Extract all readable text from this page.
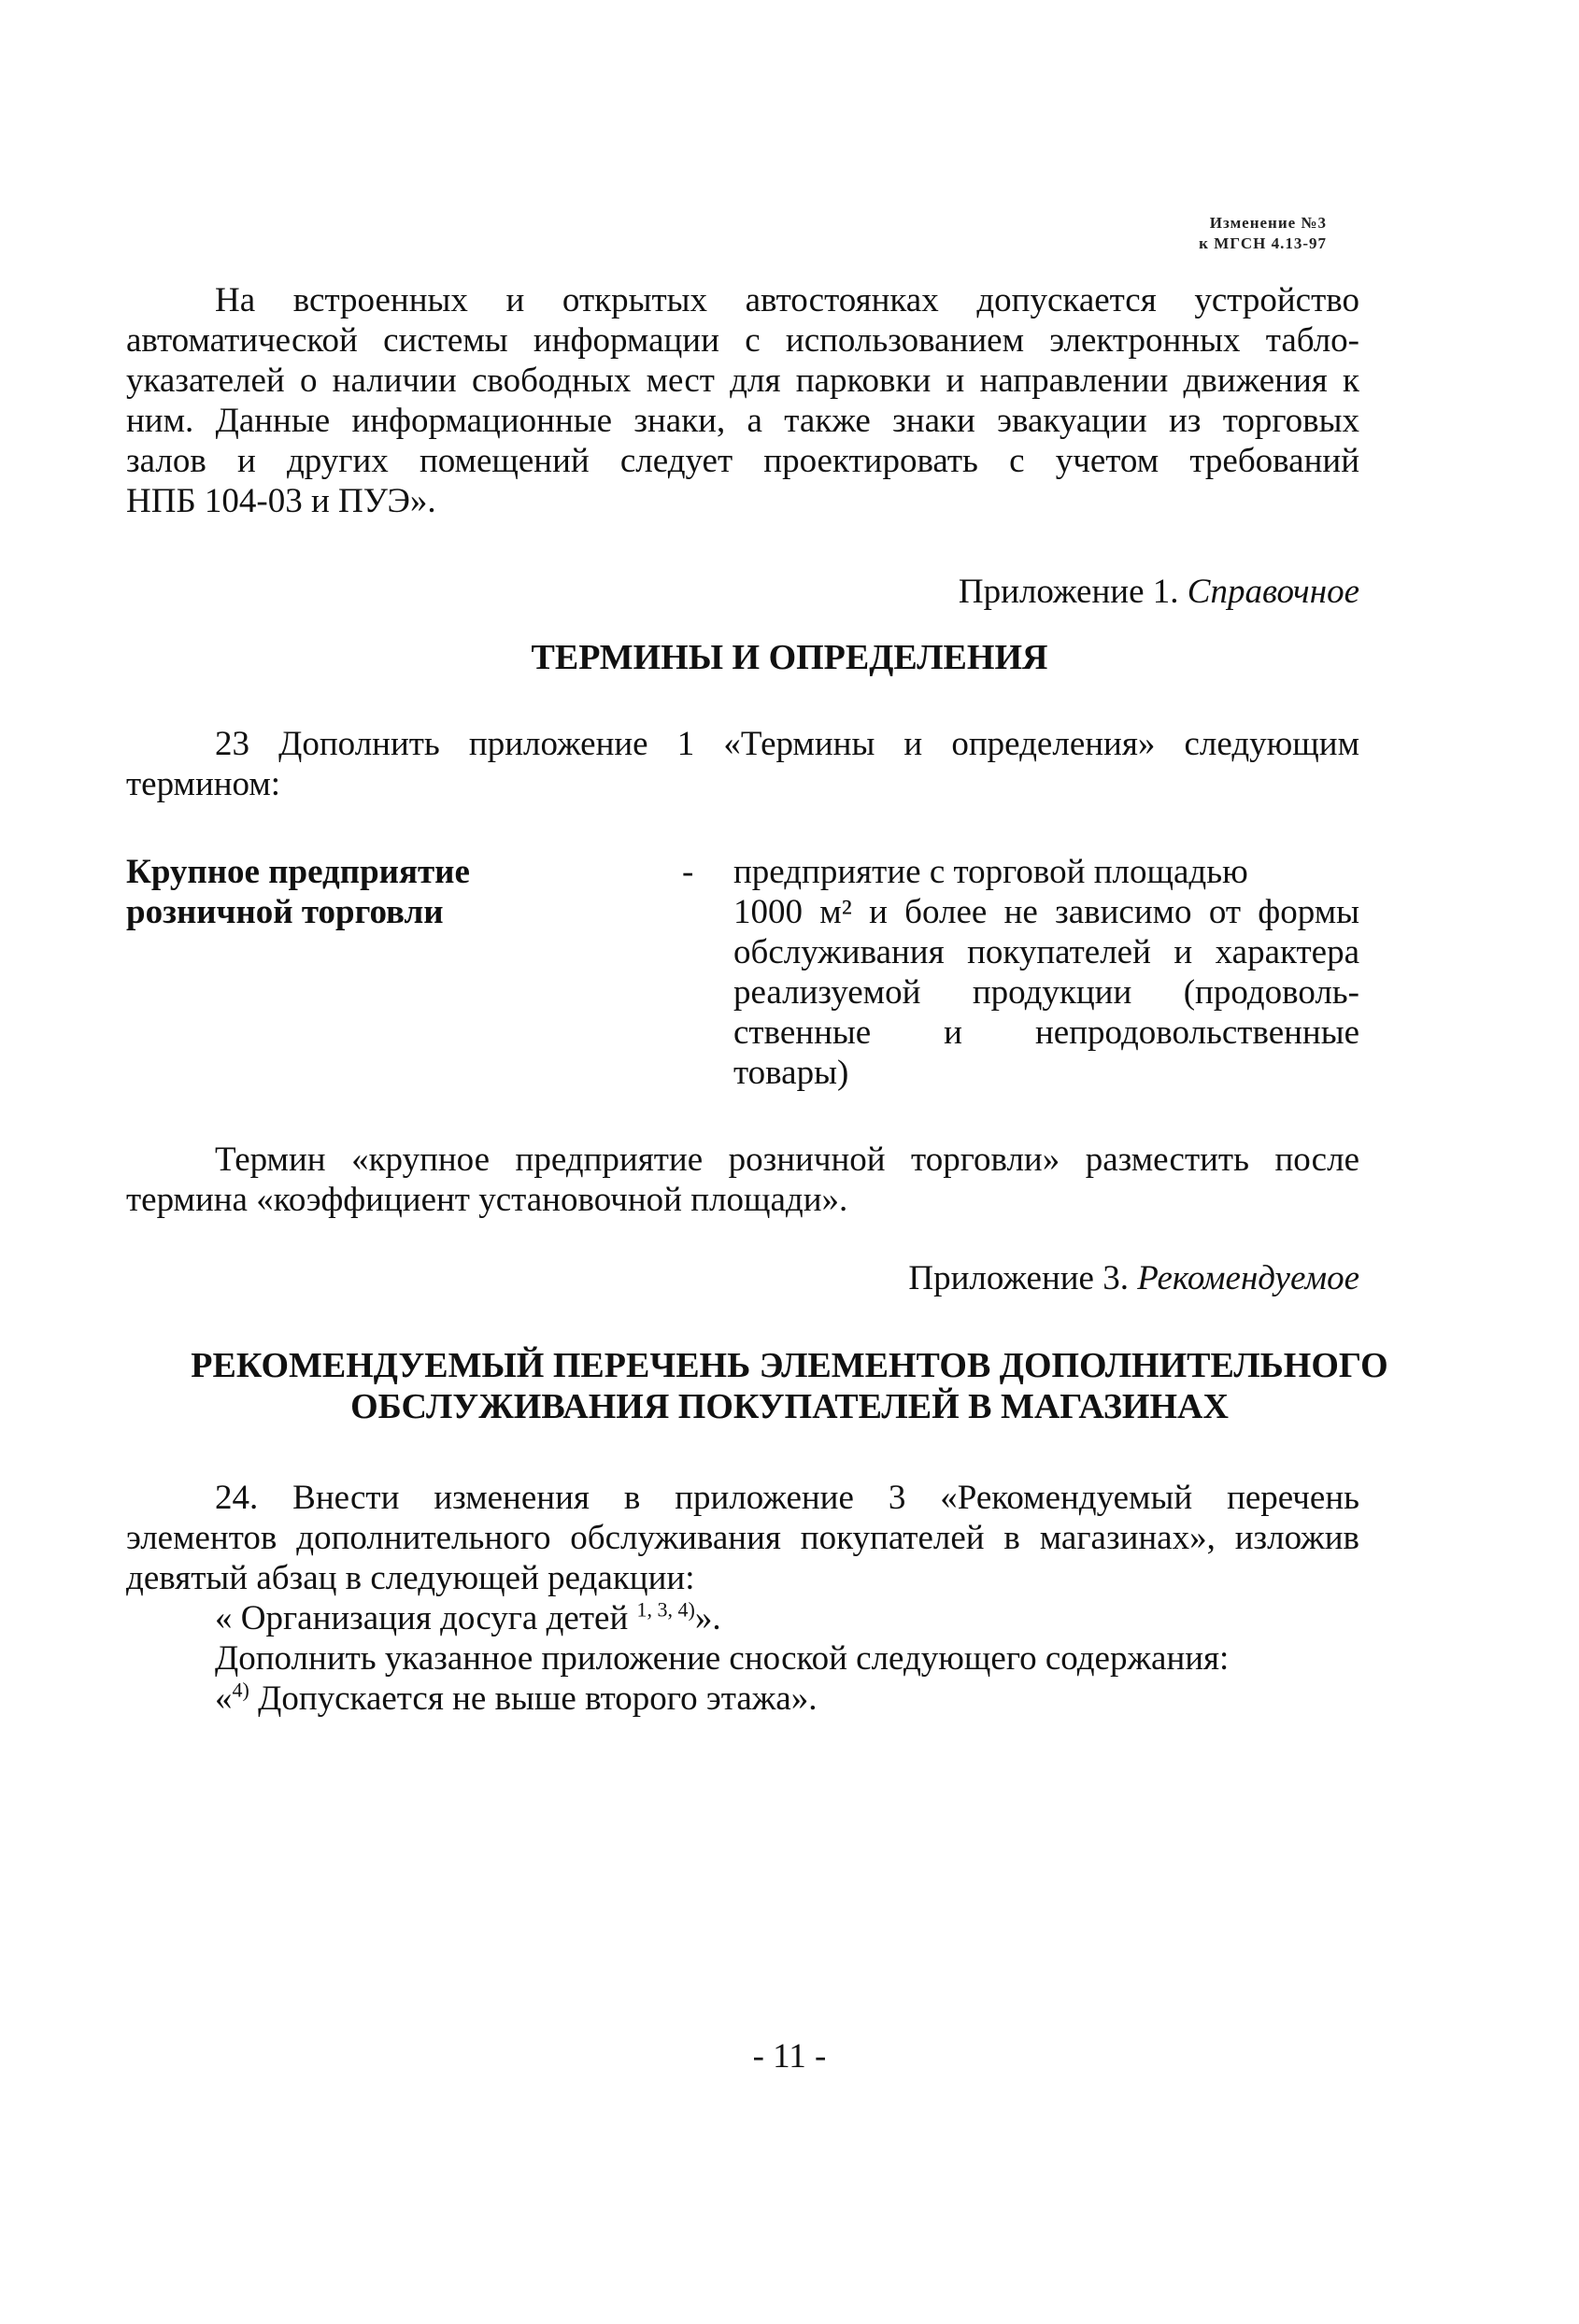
Изменение №3
к МГСН 4.13-97
На встроенных и открытых автостоянках допускается устройство
автоматической системы информации с использованием электронных табло-
указателей о наличии свободных мест для парковки и направлении движения к
ним. Данные информационные знаки, а также знаки эвакуации из торговых
залов и других помещений следует проектировать с учетом требований
НПБ 104-03 и ПУЭ».
Приложение 1. Справочное
ТЕРМИНЫ И ОПРЕДЕЛЕНИЯ
23 Дополнить приложение 1 «Термины и определения» следующим
термином:
Крупное предприятие
розничной торговли
- предприятие с торговой площадью
1000 м² и более не зависимо от формы
обслуживания покупателей и характера
реализуемой продукции (продоволь-
ственные и непродовольственные
товары)
Термин «крупное предприятие розничной торговли» разместить после
термина «коэффициент установочной площади».
Приложение 3. Рекомендуемое
РЕКОМЕНДУЕМЫЙ ПЕРЕЧЕНЬ ЭЛЕМЕНТОВ ДОПОЛНИТЕЛЬНОГО
ОБСЛУЖИВАНИЯ ПОКУПАТЕЛЕЙ В МАГАЗИНАХ
24. Внести изменения в приложение 3 «Рекомендуемый перечень
элементов дополнительного обслуживания покупателей в магазинах», изложив
девятый абзац в следующей редакции:
« Организация досуга детей $^{1, 3, 4)}$».
Дополнить указанное приложение сноской следующего содержания:
«$^{4)}$ Допускается не выше второго этажа».
- 11 -
